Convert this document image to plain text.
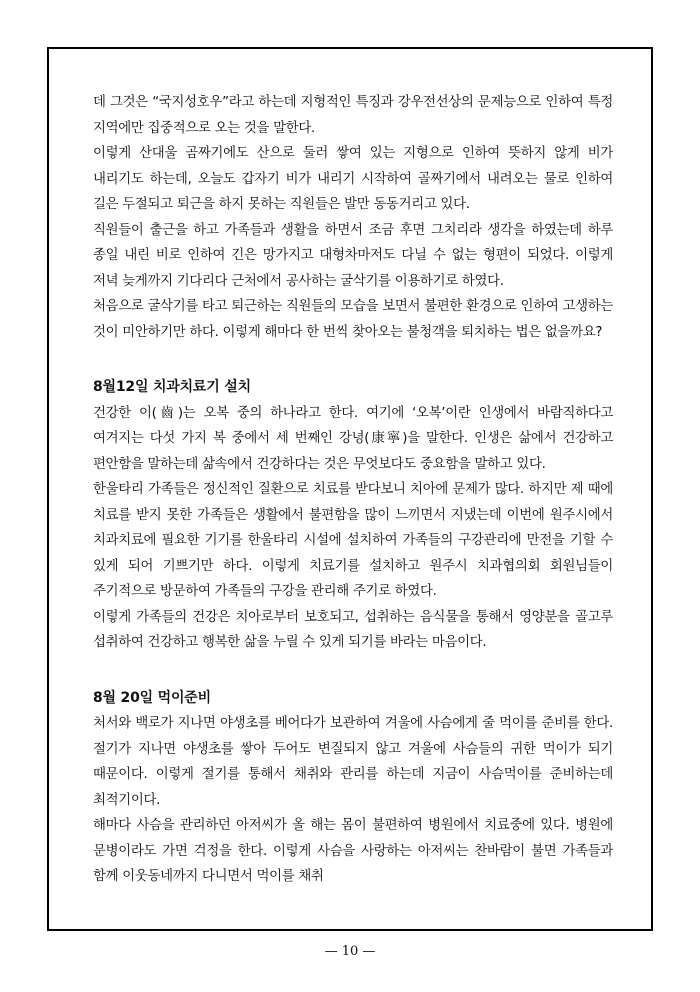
데 그것은 “국지성호우”라고 하는데 지형적인 특징과 강우전선상의 문제능으로 인하여 특정 지역에만 집중적으로 오는 것을 말한다.

이렇게 산대울 곰짜기에도 산으로 둘러 쌓여 있는 지형으로 인하여 뜻하지 않게 비가 내리기도 하는데, 오늘도 갑자기 비가 내리기 시작하여 골짜기에서 내려오는 물로 인하여 길은 두절되고 퇴근을 하지 못하는 직원들은 발만 동동거리고 있다.

직원들이 출근을 하고 가족들과 생활을 하면서 조금 후면 그치리라 생각을 하였는데 하루 종일 내린 비로 인하여 긴은 망가지고 대형차마저도 다닐 수 없는 형편이 되었다. 이렇게 저녁 늦게까지 기다리다 근처에서 공사하는 굴삭기를 이용하기로 하였다.

처음으로 굴삭기를 타고 퇴근하는 직원들의 모습을 보면서 불편한 환경으로 인하여 고생하는 것이 미안하기만 하다. 이렇게 해마다 한 번씩 찾아오는 불청객을 퇴치하는 법은 없을까요?

8월12일 치과치료기 설치

건강한 이(齒)는 오복 중의 하나라고 한다. 여기에 ‘오복’이란 인생에서 바람직하다고 여겨지는 다섯 가지 복 중에서 세 번째인 강녕(康寧)을 말한다. 인생은 삶에서 건강하고 편안함을 말하는데 삶속에서 건강하다는 것은 무엇보다도 중요함을 말하고 있다.

한울타리 가족들은 정신적인 질환으로 치료를 받다보니 치아에 문제가 많다. 하지만 제 때에 치료를 받지 못한 가족들은 생활에서 불편함을 많이 느끼면서 지냈는데 이번에 원주시에서 치과치료에 필요한 기기를 한울타리 시설에 설치하여 가족들의 구강관리에 만전을 기할 수 있게 되어 기쁘기만 하다. 이렇게 치료기를 설치하고 원주시 치과협의회 회원님들이 주기적으로 방문하여 가족들의 구강을 관리해 주기로 하였다.

이렇게 가족들의 건강은 치아로부터 보호되고, 섭취하는 음식물을 통해서 영양분을 골고루 섭취하여 건강하고 행복한 삶을 누릴 수 있게 되기를 바라는 마음이다.

8월 20일 먹이준비

처서와 백로가 지나면 야생초를 베어다가 보관하여 겨울에 사슴에게 줄 먹이를 준비를 한다. 절기가 지나면 야생초를 쌓아 두어도 변질되지 않고 겨울에 사슴들의 귀한 먹이가 되기 때문이다. 이렇게 절기를 통해서 채취와 관리를 하는데 지금이 사슴먹이를 준비하는데 최적기이다.

해마다 사슴을 관리하던 아저씨가 올 해는 몸이 불편하여 병원에서 치료중에 있다. 병원에 문병이라도 가면 걱정을 한다. 이렇게 사슴을 사랑하는 아저씨는 찬바람이 불면 가족들과 함께 이웃동네까지 다니면서 먹이를 채취

— 10 —
